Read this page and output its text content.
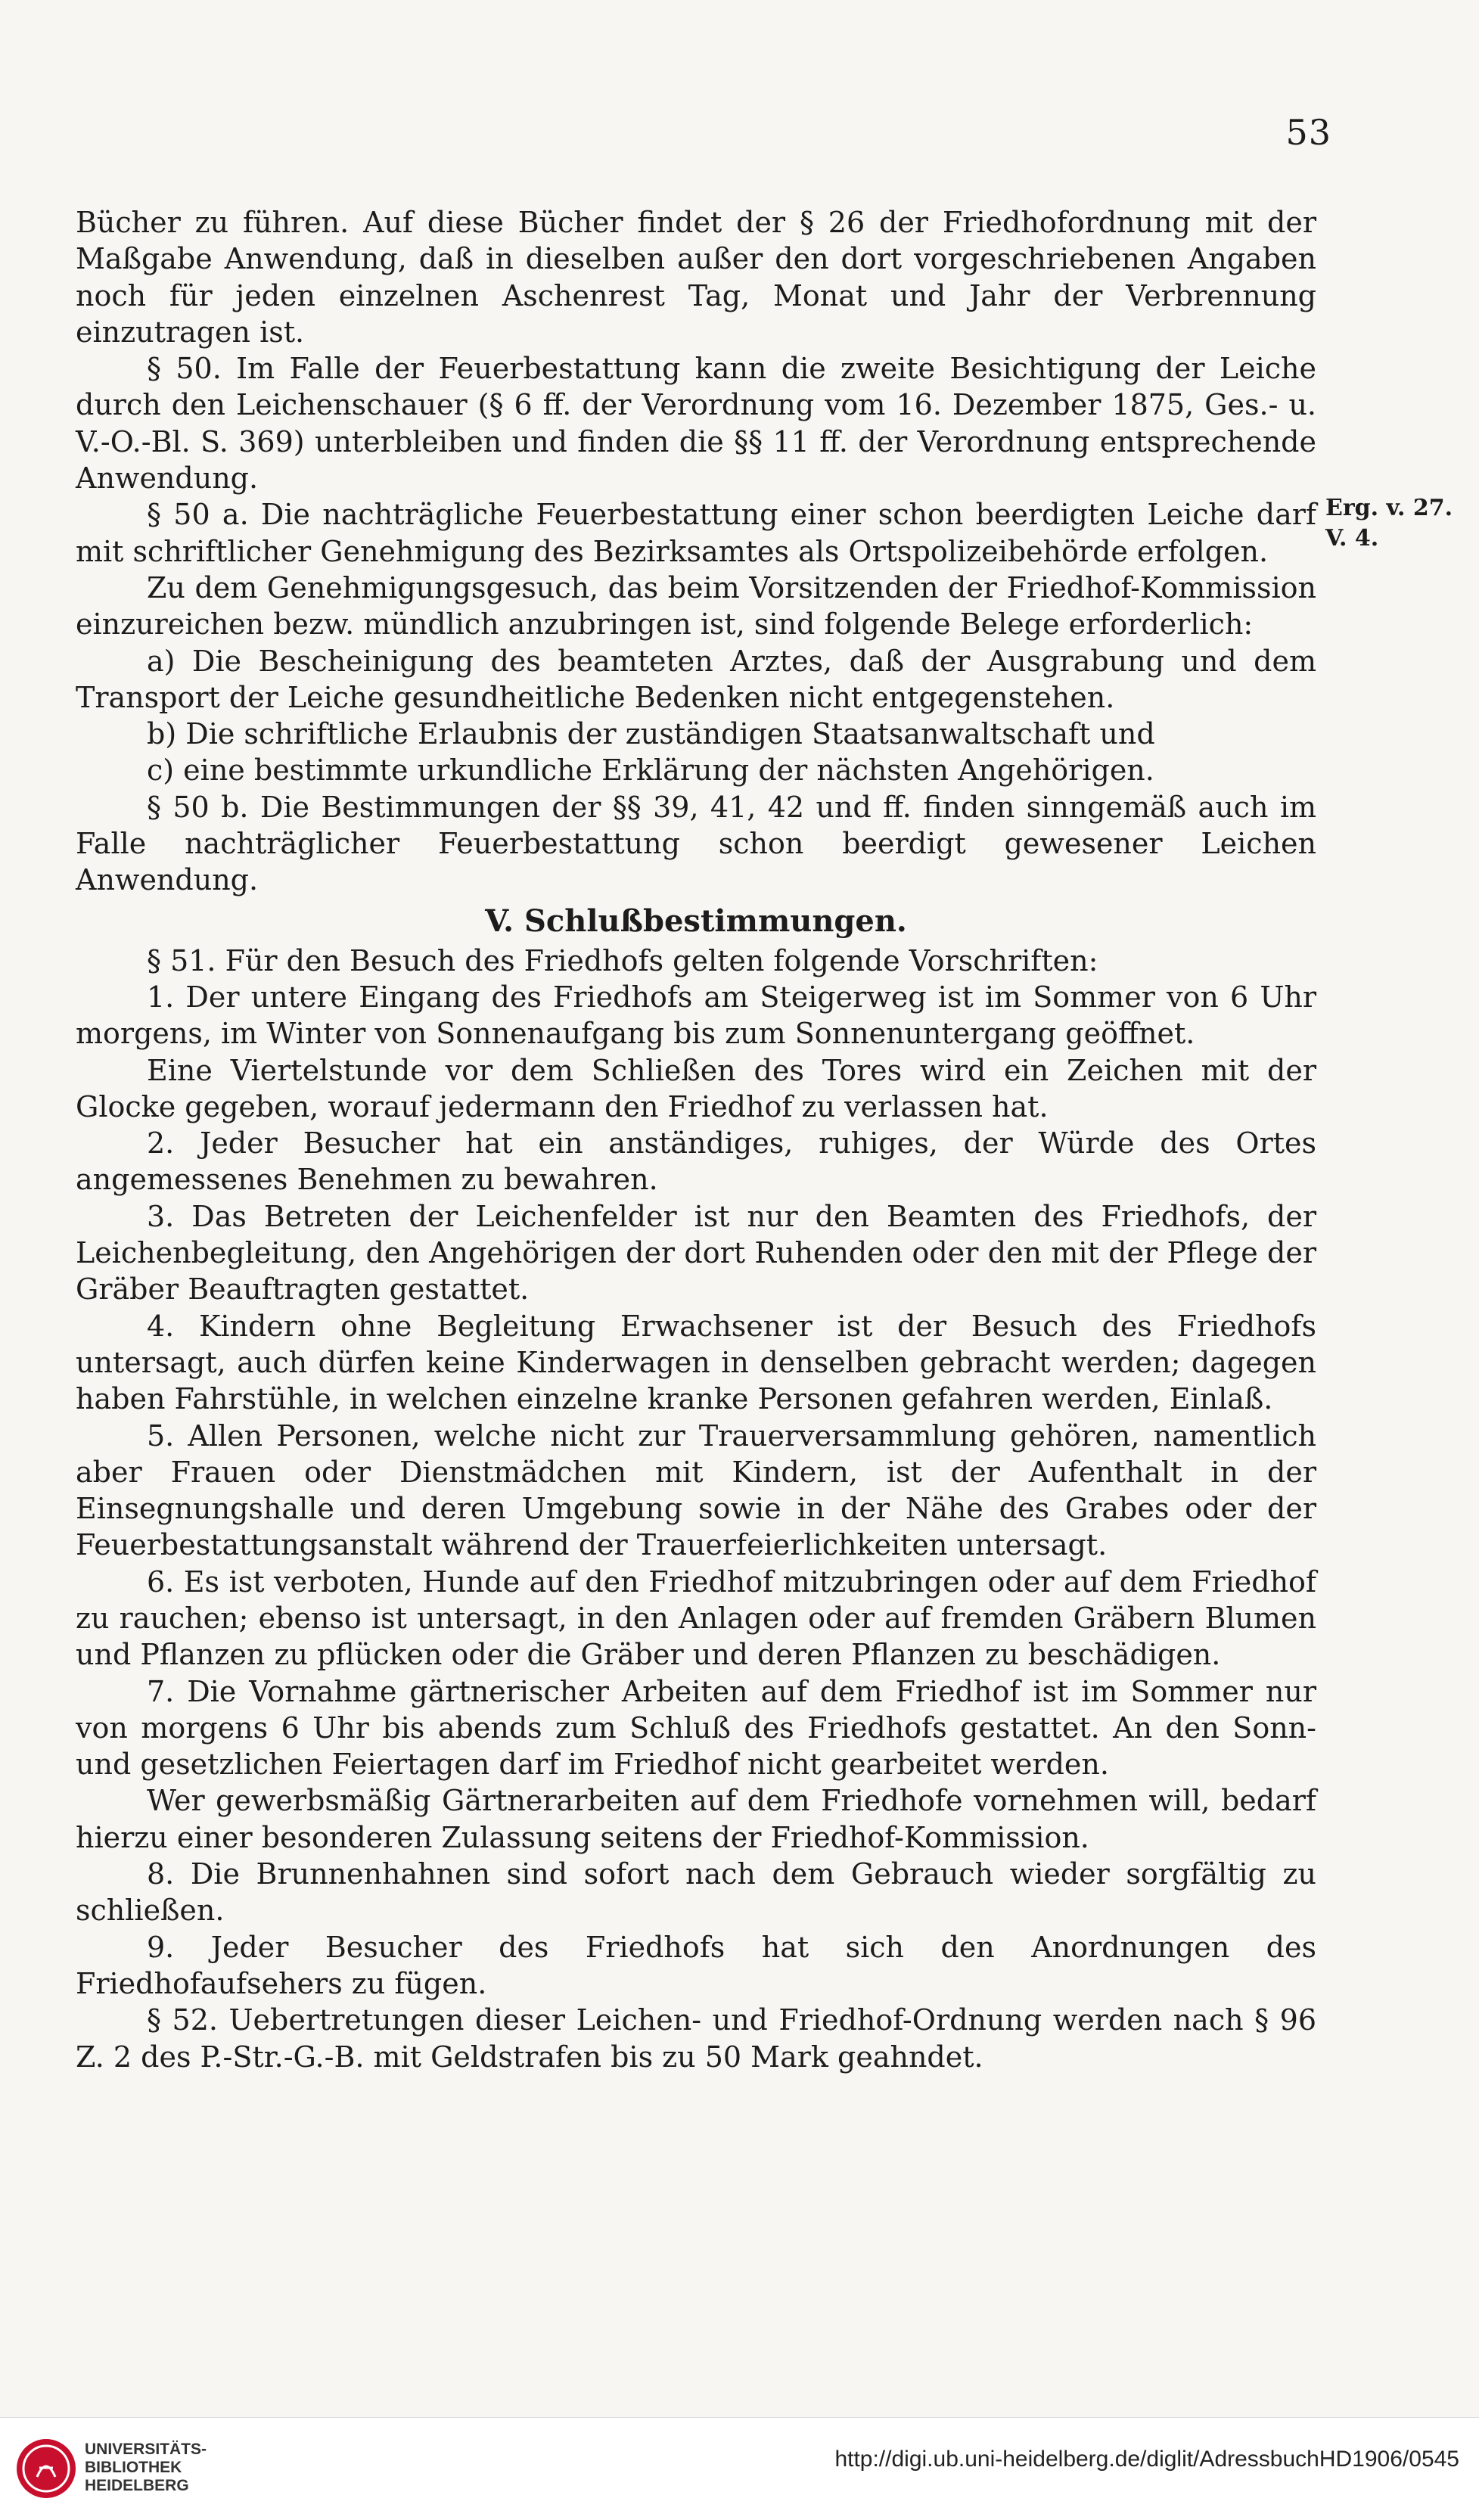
53
Erg. v. 27. V. 4.

Bücher zu führen. Auf diese Bücher findet der § 26 der Friedhofordnung mit der Maßgabe Anwendung, daß in dieselben außer den dort vorgeschriebenen Angaben noch für jeden einzelnen Aschenrest Tag, Monat und Jahr der Verbrennung einzutragen ist.

§ 50. Im Falle der Feuerbestattung kann die zweite Besichtigung der Leiche durch den Leichenschauer (§ 6 ff. der Verordnung vom 16. Dezember 1875, Ges.- u. V.-O.-Bl. S. 369) unterbleiben und finden die §§ 11 ff. der Verordnung entsprechende Anwendung.

§ 50 a. Die nachträgliche Feuerbestattung einer schon beerdigten Leiche darf mit schriftlicher Genehmigung des Bezirksamtes als Ortspolizeibehörde erfolgen.

Zu dem Genehmigungsgesuch, das beim Vorsitzenden der Friedhof-Kommission einzureichen bezw. mündlich anzubringen ist, sind folgende Belege erforderlich:

a) Die Bescheinigung des beamteten Arztes, daß der Ausgrabung und dem Transport der Leiche gesundheitliche Bedenken nicht entgegenstehen.

b) Die schriftliche Erlaubnis der zuständigen Staatsanwaltschaft und

c) eine bestimmte urkundliche Erklärung der nächsten Angehörigen.

§ 50 b. Die Bestimmungen der §§ 39, 41, 42 und ff. finden sinngemäß auch im Falle nachträglicher Feuerbestattung schon beerdigt gewesener Leichen Anwendung.

V. Schlußbestimmungen.

§ 51. Für den Besuch des Friedhofs gelten folgende Vorschriften:

1. Der untere Eingang des Friedhofs am Steigerweg ist im Sommer von 6 Uhr morgens, im Winter von Sonnenaufgang bis zum Sonnenuntergang geöffnet.

Eine Viertelstunde vor dem Schließen des Tores wird ein Zeichen mit der Glocke gegeben, worauf jedermann den Friedhof zu verlassen hat.

2. Jeder Besucher hat ein anständiges, ruhiges, der Würde des Ortes angemessenes Benehmen zu bewahren.

3. Das Betreten der Leichenfelder ist nur den Beamten des Friedhofs, der Leichenbegleitung, den Angehörigen der dort Ruhenden oder den mit der Pflege der Gräber Beauftragten gestattet.

4. Kindern ohne Begleitung Erwachsener ist der Besuch des Friedhofs untersagt, auch dürfen keine Kinderwagen in denselben gebracht werden; dagegen haben Fahrstühle, in welchen einzelne kranke Personen gefahren werden, Einlaß.

5. Allen Personen, welche nicht zur Trauerversammlung gehören, namentlich aber Frauen oder Dienstmädchen mit Kindern, ist der Aufenthalt in der Einsegnungshalle und deren Umgebung sowie in der Nähe des Grabes oder der Feuerbestattungsanstalt während der Trauerfeierlichkeiten untersagt.

6. Es ist verboten, Hunde auf den Friedhof mitzubringen oder auf dem Friedhof zu rauchen; ebenso ist untersagt, in den Anlagen oder auf fremden Gräbern Blumen und Pflanzen zu pflücken oder die Gräber und deren Pflanzen zu beschädigen.

7. Die Vornahme gärtnerischer Arbeiten auf dem Friedhof ist im Sommer nur von morgens 6 Uhr bis abends zum Schluß des Friedhofs gestattet. An den Sonn- und gesetzlichen Feiertagen darf im Friedhof nicht gearbeitet werden.

Wer gewerbsmäßig Gärtnerarbeiten auf dem Friedhofe vornehmen will, bedarf hierzu einer besonderen Zulassung seitens der Friedhof-Kommission.

8. Die Brunnenhahnen sind sofort nach dem Gebrauch wieder sorgfältig zu schließen.

9. Jeder Besucher des Friedhofs hat sich den Anordnungen des Friedhofaufsehers zu fügen.

§ 52. Uebertretungen dieser Leichen- und Friedhof-Ordnung werden nach § 96 Z. 2 des P.-Str.-G.-B. mit Geldstrafen bis zu 50 Mark geahndet.

UNIVERSITÄTS-
BIBLIOTHEK
HEIDELBERG
http://digi.ub.uni-heidelberg.de/diglit/AdressbuchHD1906/0545
